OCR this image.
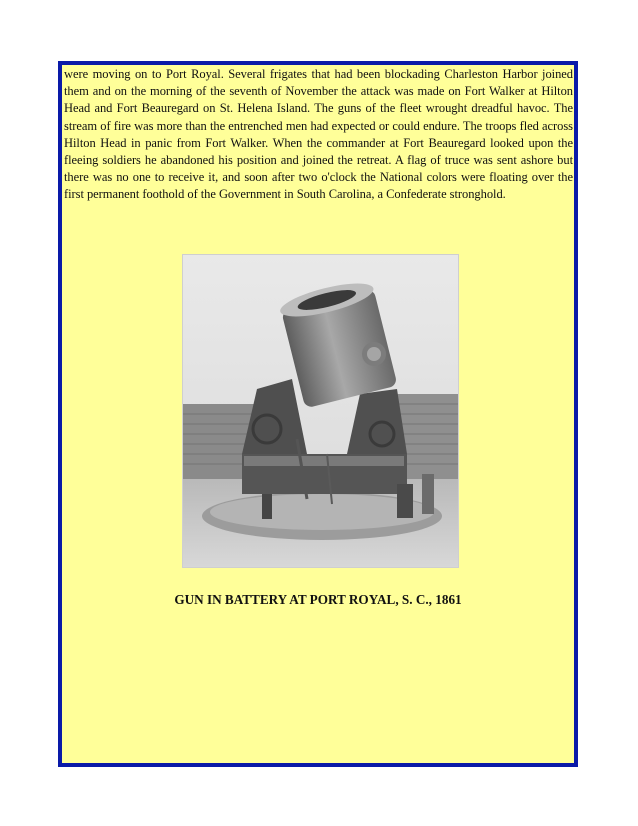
were moving on to Port Royal. Several frigates that had been blockading Charleston Harbor joined them and on the morning of the seventh of November the attack was made on Fort Walker at Hilton Head and Fort Beauregard on St. Helena Island. The guns of the fleet wrought dreadful havoc. The stream of fire was more than the entrenched men had expected or could endure. The troops fled across Hilton Head in panic from Fort Walker. When the commander at Fort Beauregard looked upon the fleeing soldiers he abandoned his position and joined the retreat. A flag of truce was sent ashore but there was no one to receive it, and soon after two o'clock the National colors were floating over the first permanent foothold of the Government in South Carolina, a Confederate stronghold.

GUN IN BATTERY AT PORT ROYAL, S. C., 1861
